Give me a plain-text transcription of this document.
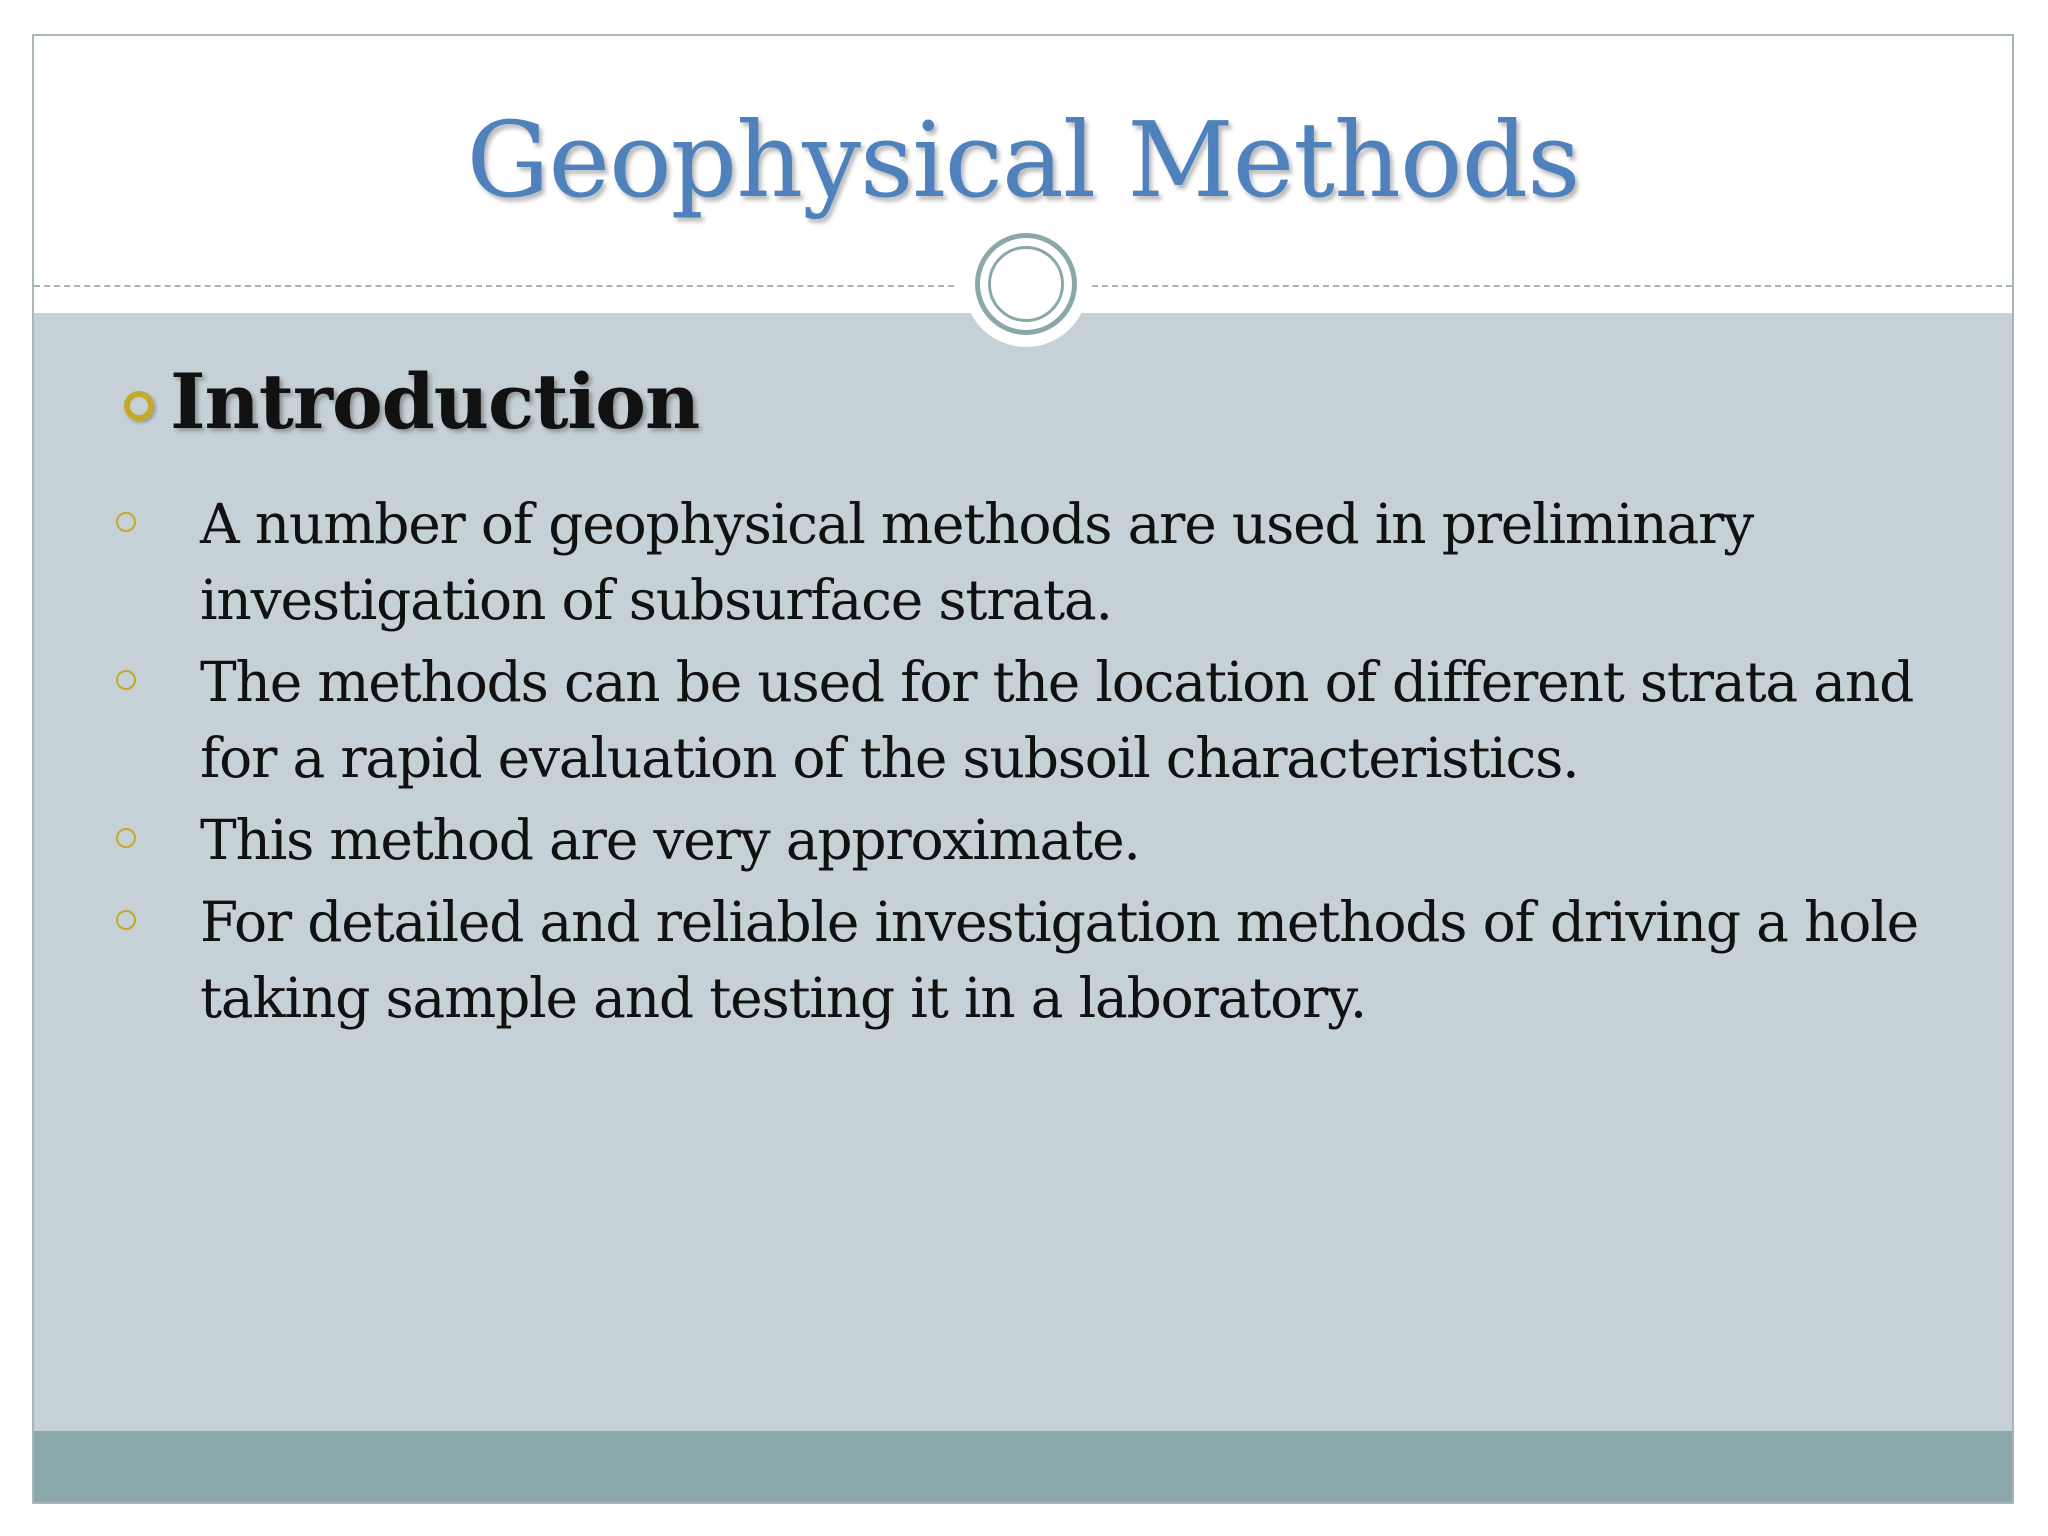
Geophysical Methods
Introduction
A number of geophysical methods are used in preliminary investigation of subsurface strata.
The methods can be used for the location of different strata and for a rapid evaluation of the subsoil characteristics.
This method are very approximate.
For detailed and reliable investigation methods of driving a hole taking sample and testing it in a laboratory.
